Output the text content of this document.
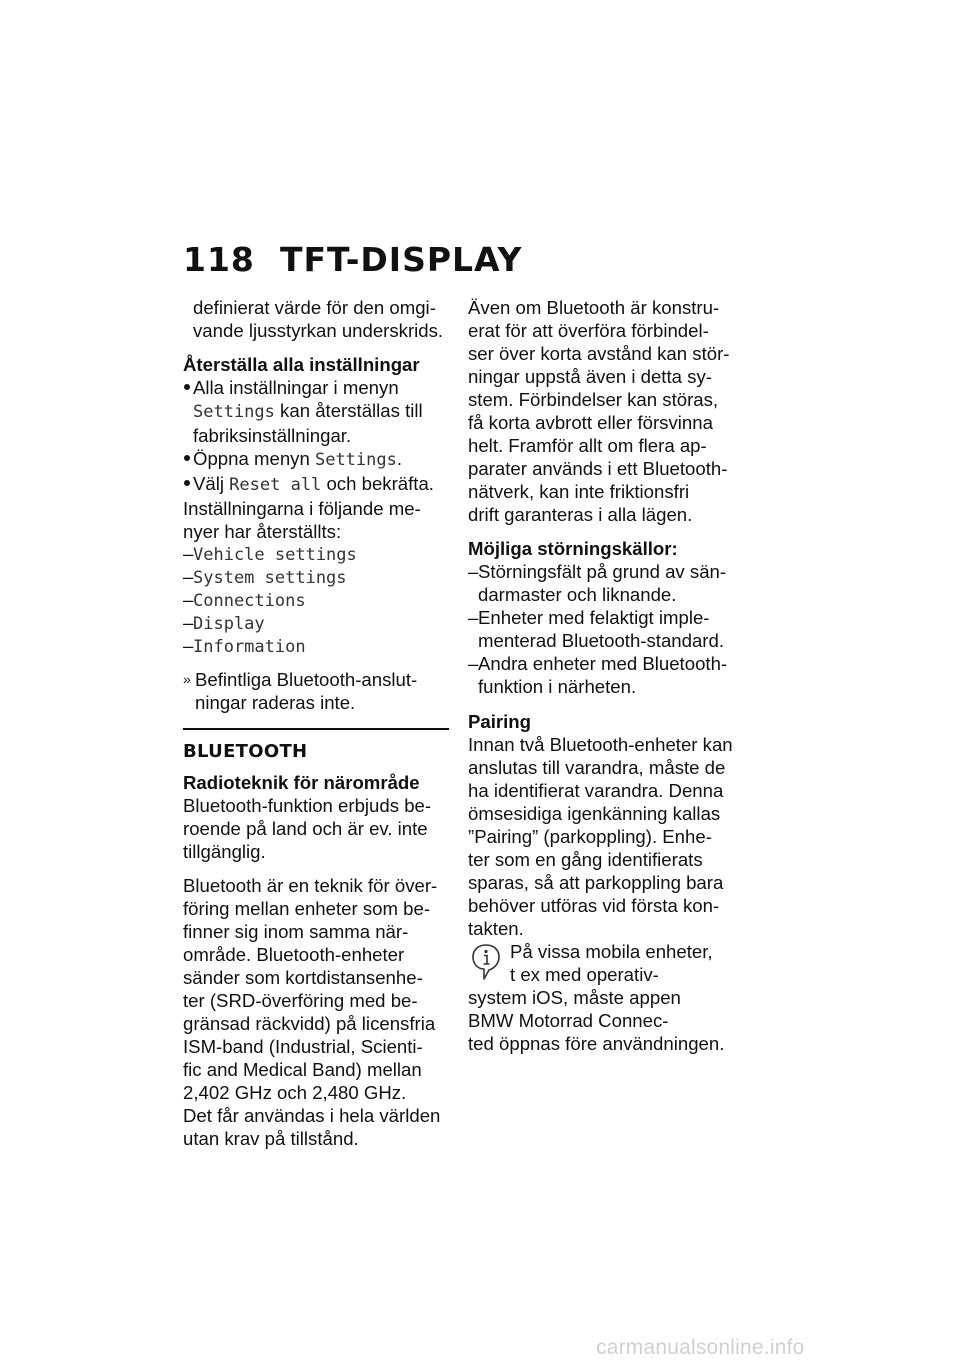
118 TFT-DISPLAY
definierat värde för den omgi-
vande ljusstyrkan underskrids.
Återställa alla inställningar
Alla inställningar i menyn
Settings kan återställas till
fabriksinställningar.
Öppna menyn Settings.
Välj Reset all och bekräfta.
Inställningarna i följande me-
nyer har återställts:
– Vehicle settings
– System settings
– Connections
– Display
– Information
» Befintliga Bluetooth-anslut-
ningar raderas inte.
BLUETOOTH
Radioteknik för närområde
Bluetooth-funktion erbjuds be-
roende på land och är ev. inte
tillgänglig.
Bluetooth är en teknik för över-
föring mellan enheter som be-
finner sig inom samma när-
område. Bluetooth-enheter
sänder som kortdistansenhe-
ter (SRD-överföring med be-
gränsad räckvidd) på licensfria
ISM-band (Industrial, Scienti-
fic and Medical Band) mellan
2,402 GHz och 2,480 GHz.
Det får användas i hela världen
utan krav på tillstånd.
Även om Bluetooth är konstru-
erat för att överföra förbindel-
ser över korta avstånd kan stör-
ningar uppstå även i detta sy-
stem. Förbindelser kan störas,
få korta avbrott eller försvinna
helt. Framför allt om flera ap-
parater används i ett Bluetooth-
nätverk, kan inte friktionsfri
drift garanteras i alla lägen.
Möjliga störningskällor:
– Störningsfält på grund av sän-
darmaster och liknande.
– Enheter med felaktigt imple-
menterad Bluetooth-standard.
– Andra enheter med Bluetooth-
funktion i närheten.
Pairing
Innan två Bluetooth-enheter kan
anslutas till varandra, måste de
ha identifierat varandra. Denna
ömsesidiga igenkänning kallas
”Pairing” (parkoppling). Enhe-
ter som en gång identifierats
sparas, så att parkoppling bara
behöver utföras vid första kon-
takten.
På vissa mobila enheter,
t ex med operativ-
system iOS, måste appen
BMW Motorrad Connec-
ted öppnas före användningen.
carmanualsonline.info
